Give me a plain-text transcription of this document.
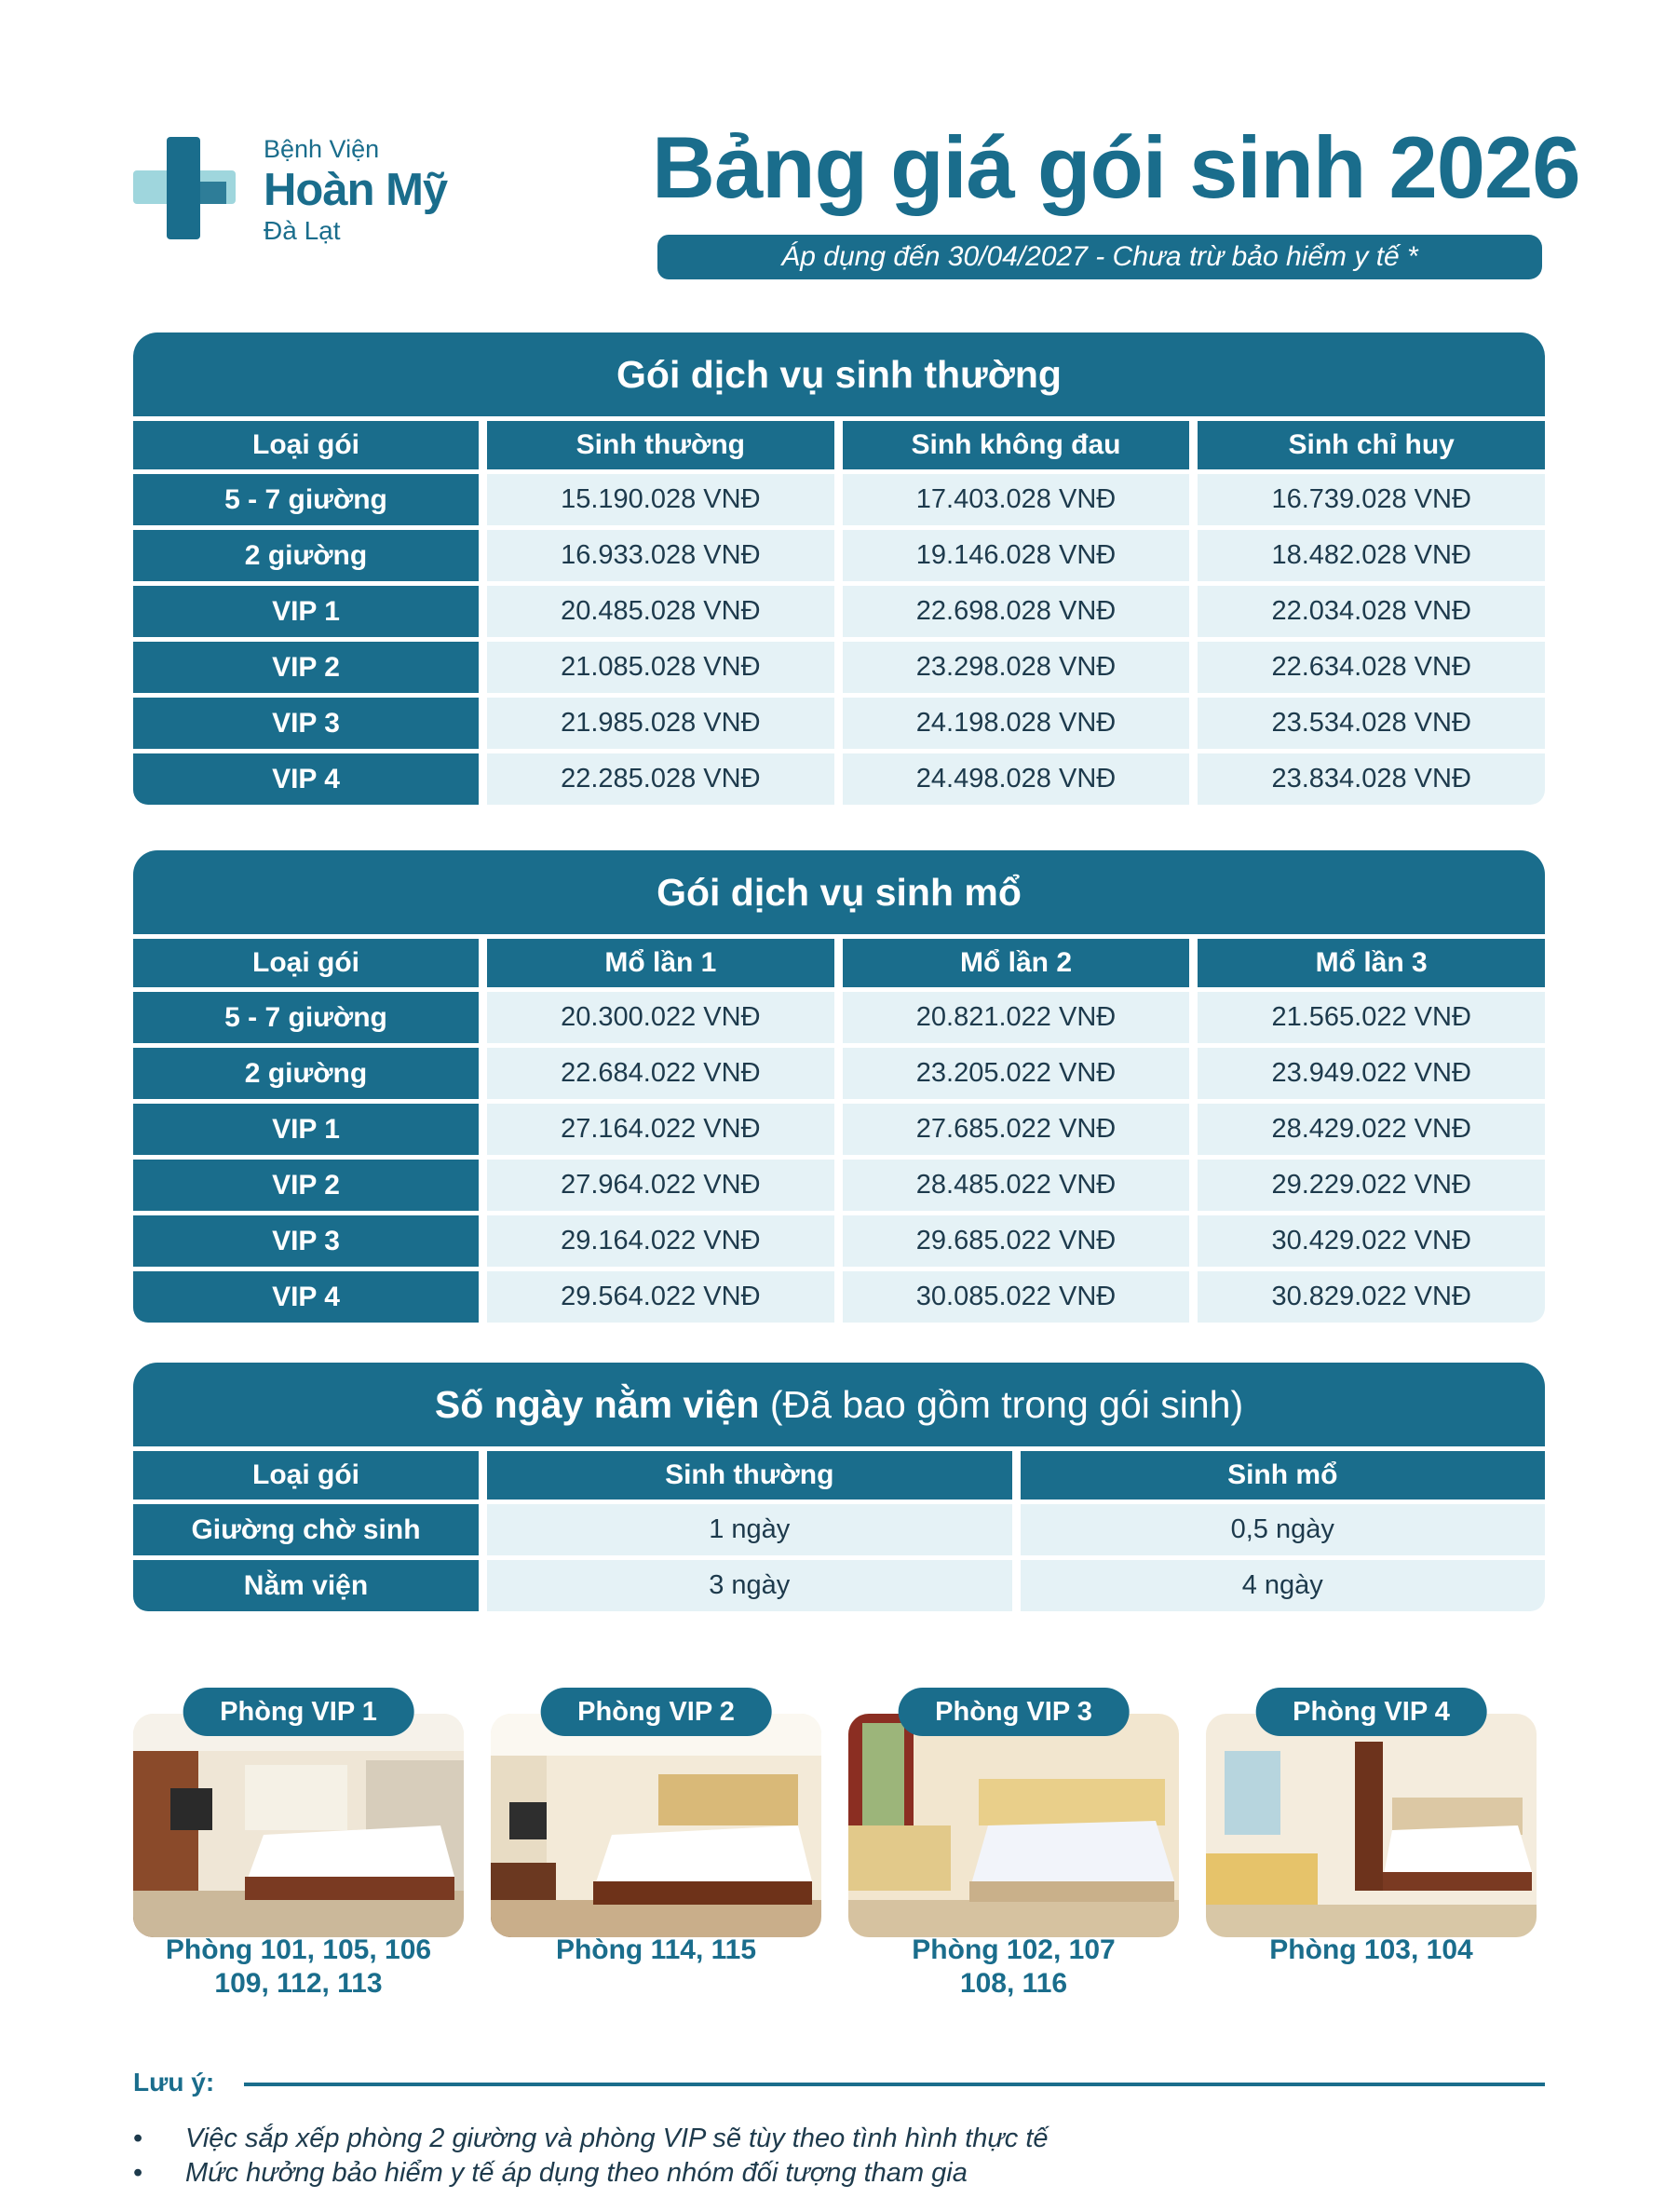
Bệnh Viện
Hoàn Mỹ
Đà Lạt
Bảng giá gói sinh 2026
Áp dụng đến 30/04/2027 - Chưa trừ bảo hiểm y tế *
Gói dịch vụ sinh thường
Loại gói	Sinh thường	Sinh không đau	Sinh chỉ huy
5 - 7 giường	15.190.028 VNĐ	17.403.028 VNĐ	16.739.028 VNĐ
2 giường	16.933.028 VNĐ	19.146.028 VNĐ	18.482.028 VNĐ
VIP 1	20.485.028 VNĐ	22.698.028 VNĐ	22.034.028 VNĐ
VIP 2	21.085.028 VNĐ	23.298.028 VNĐ	22.634.028 VNĐ
VIP 3	21.985.028 VNĐ	24.198.028 VNĐ	23.534.028 VNĐ
VIP 4	22.285.028 VNĐ	24.498.028 VNĐ	23.834.028 VNĐ
Gói dịch vụ sinh mổ
Loại gói	Mổ lần 1	Mổ lần 2	Mổ lần 3
5 - 7 giường	20.300.022 VNĐ	20.821.022 VNĐ	21.565.022 VNĐ
2 giường	22.684.022 VNĐ	23.205.022 VNĐ	23.949.022 VNĐ
VIP 1	27.164.022 VNĐ	27.685.022 VNĐ	28.429.022 VNĐ
VIP 2	27.964.022 VNĐ	28.485.022 VNĐ	29.229.022 VNĐ
VIP 3	29.164.022 VNĐ	29.685.022 VNĐ	30.429.022 VNĐ
VIP 4	29.564.022 VNĐ	30.085.022 VNĐ	30.829.022 VNĐ
Số ngày nằm viện (Đã bao gồm trong gói sinh)
Loại gói	Sinh thường	Sinh mổ
Giường chờ sinh	1 ngày	0,5 ngày
Nằm viện	3 ngày	4 ngày
Phòng VIP 1
Phòng 101, 105, 106
109, 112, 113
Phòng VIP 2
Phòng 114, 115
Phòng VIP 3
Phòng 102, 107
108, 116
Phòng VIP 4
Phòng 103, 104
Lưu ý:
• Việc sắp xếp phòng 2 giường và phòng VIP sẽ tùy theo tình hình thực tế
• Mức hưởng bảo hiểm y tế áp dụng theo nhóm đối tượng tham gia
